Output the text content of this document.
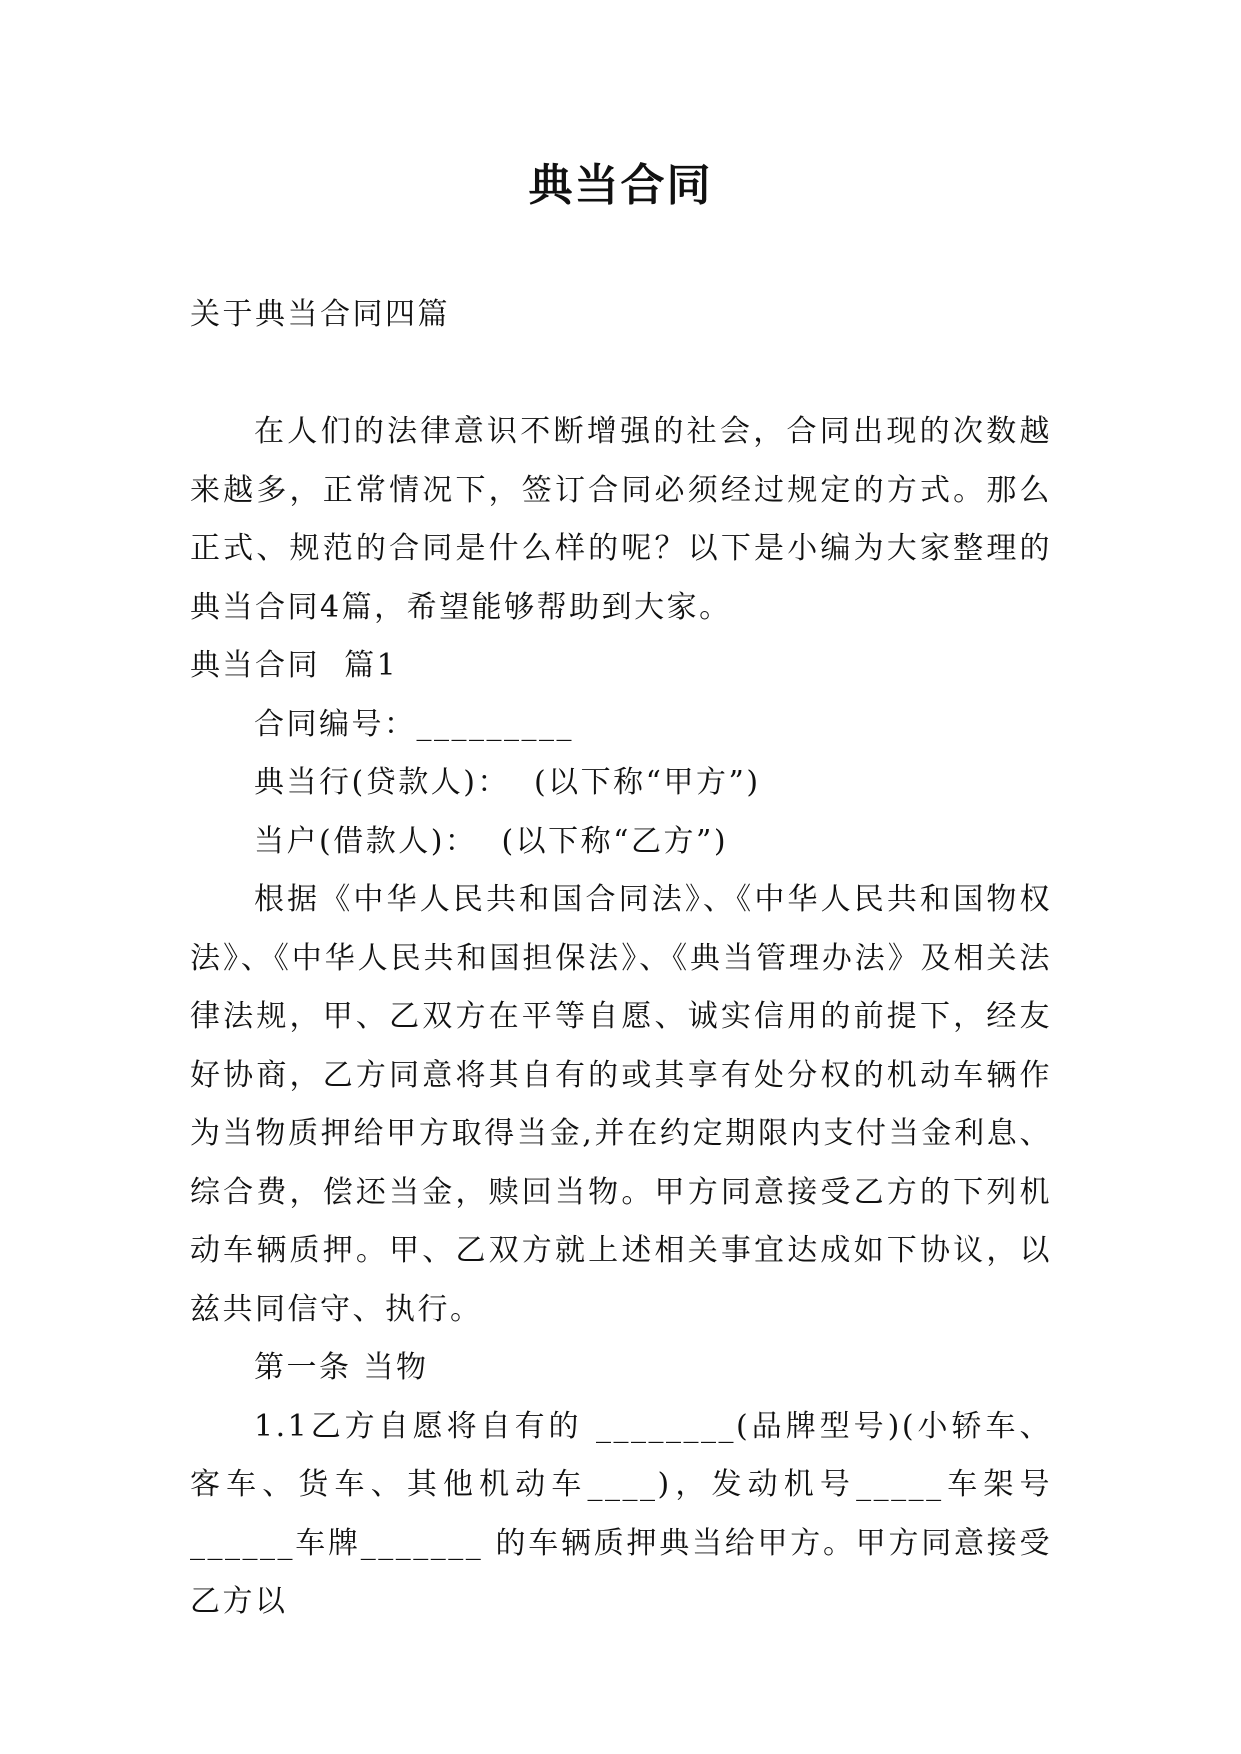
典当合同

关于典当合同四篇

在人们的法律意识不断增强的社会，合同出现的次数越来越多，正常情况下，签订合同必须经过规定的方式。那么正式、规范的合同是什么样的呢？以下是小编为大家整理的典当合同4篇，希望能够帮助到大家。

典当合同  篇1

合同编号：_________

典当行(贷款人)：  (以下称“甲方”)

当户(借款人)：  (以下称“乙方”)

根据《中华人民共和国合同法》、《中华人民共和国物权法》、《中华人民共和国担保法》、《典当管理办法》及相关法律法规，甲、乙双方在平等自愿、诚实信用的前提下，经友好协商，乙方同意将其自有的或其享有处分权的机动车辆作为当物质押给甲方取得当金,并在约定期限内支付当金利息、综合费，偿还当金，赎回当物。甲方同意接受乙方的下列机动车辆质押。甲、乙双方就上述相关事宜达成如下协议，以兹共同信守、执行。

第一条 当物

1.1乙方自愿将自有的 ________(品牌型号)(小轿车、客车、货车、其他机动车____)，发动机号_____车架号______车牌_______ 的车辆质押典当给甲方。甲方同意接受乙方以
